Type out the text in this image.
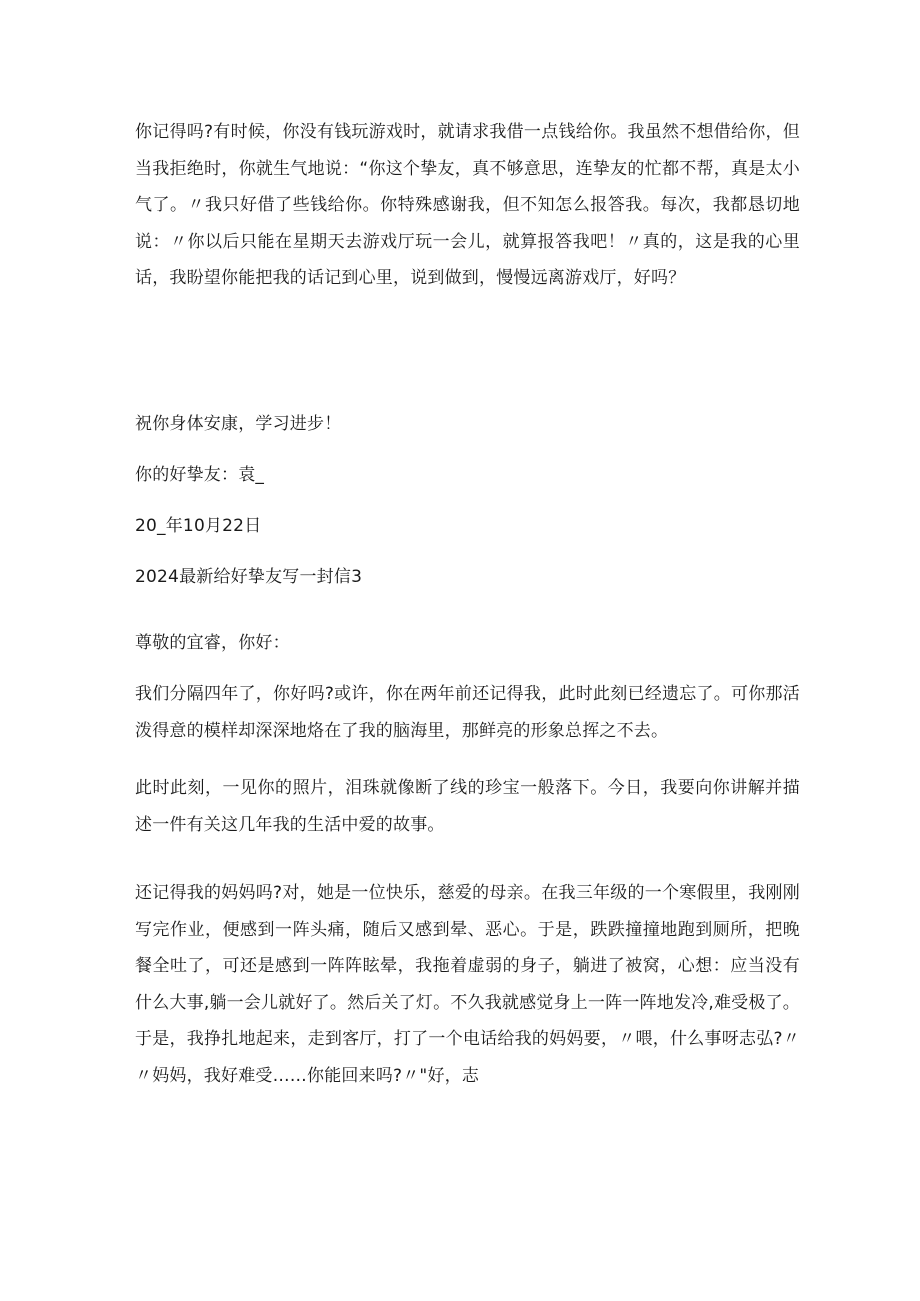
你记得吗?有时候，你没有钱玩游戏时，就请求我借一点钱给你。我虽然不想借给你，但当我拒绝时，你就生气地说：“你这个挚友，真不够意思，连挚友的忙都不帮，真是太小气了。〃我只好借了些钱给你。你特殊感谢我，但不知怎么报答我。每次，我都恳切地说：〃你以后只能在星期天去游戏厅玩一会儿，就算报答我吧！〃真的，这是我的心里话，我盼望你能把我的话记到心里，说到做到，慢慢远离游戏厅，好吗？

祝你身体安康，学习进步！

你的好挚友：袁_

20_年10月22日

2024最新给好挚友写一封信3

尊敬的宜睿，你好：

我们分隔四年了，你好吗?或许，你在两年前还记得我，此时此刻已经遗忘了。可你那活泼得意的模样却深深地烙在了我的脑海里，那鲜亮的形象总挥之不去。

此时此刻，一见你的照片，泪珠就像断了线的珍宝一般落下。今日，我要向你讲解并描述一件有关这几年我的生活中爱的故事。

还记得我的妈妈吗?对，她是一位快乐，慈爱的母亲。在我三年级的一个寒假里，我刚刚写完作业，便感到一阵头痛，随后又感到晕、恶心。于是，跌跌撞撞地跑到厕所，把晚餐全吐了，可还是感到一阵阵眩晕，我拖着虚弱的身子，躺进了被窝，心想：应当没有什么大事,躺一会儿就好了。然后关了灯。不久我就感觉身上一阵一阵地发冷,难受极了。于是，我挣扎地起来，走到客厅，打了一个电话给我的妈妈要，〃喂，什么事呀志弘?〃〃妈妈，我好难受……你能回来吗?〃"好，志
